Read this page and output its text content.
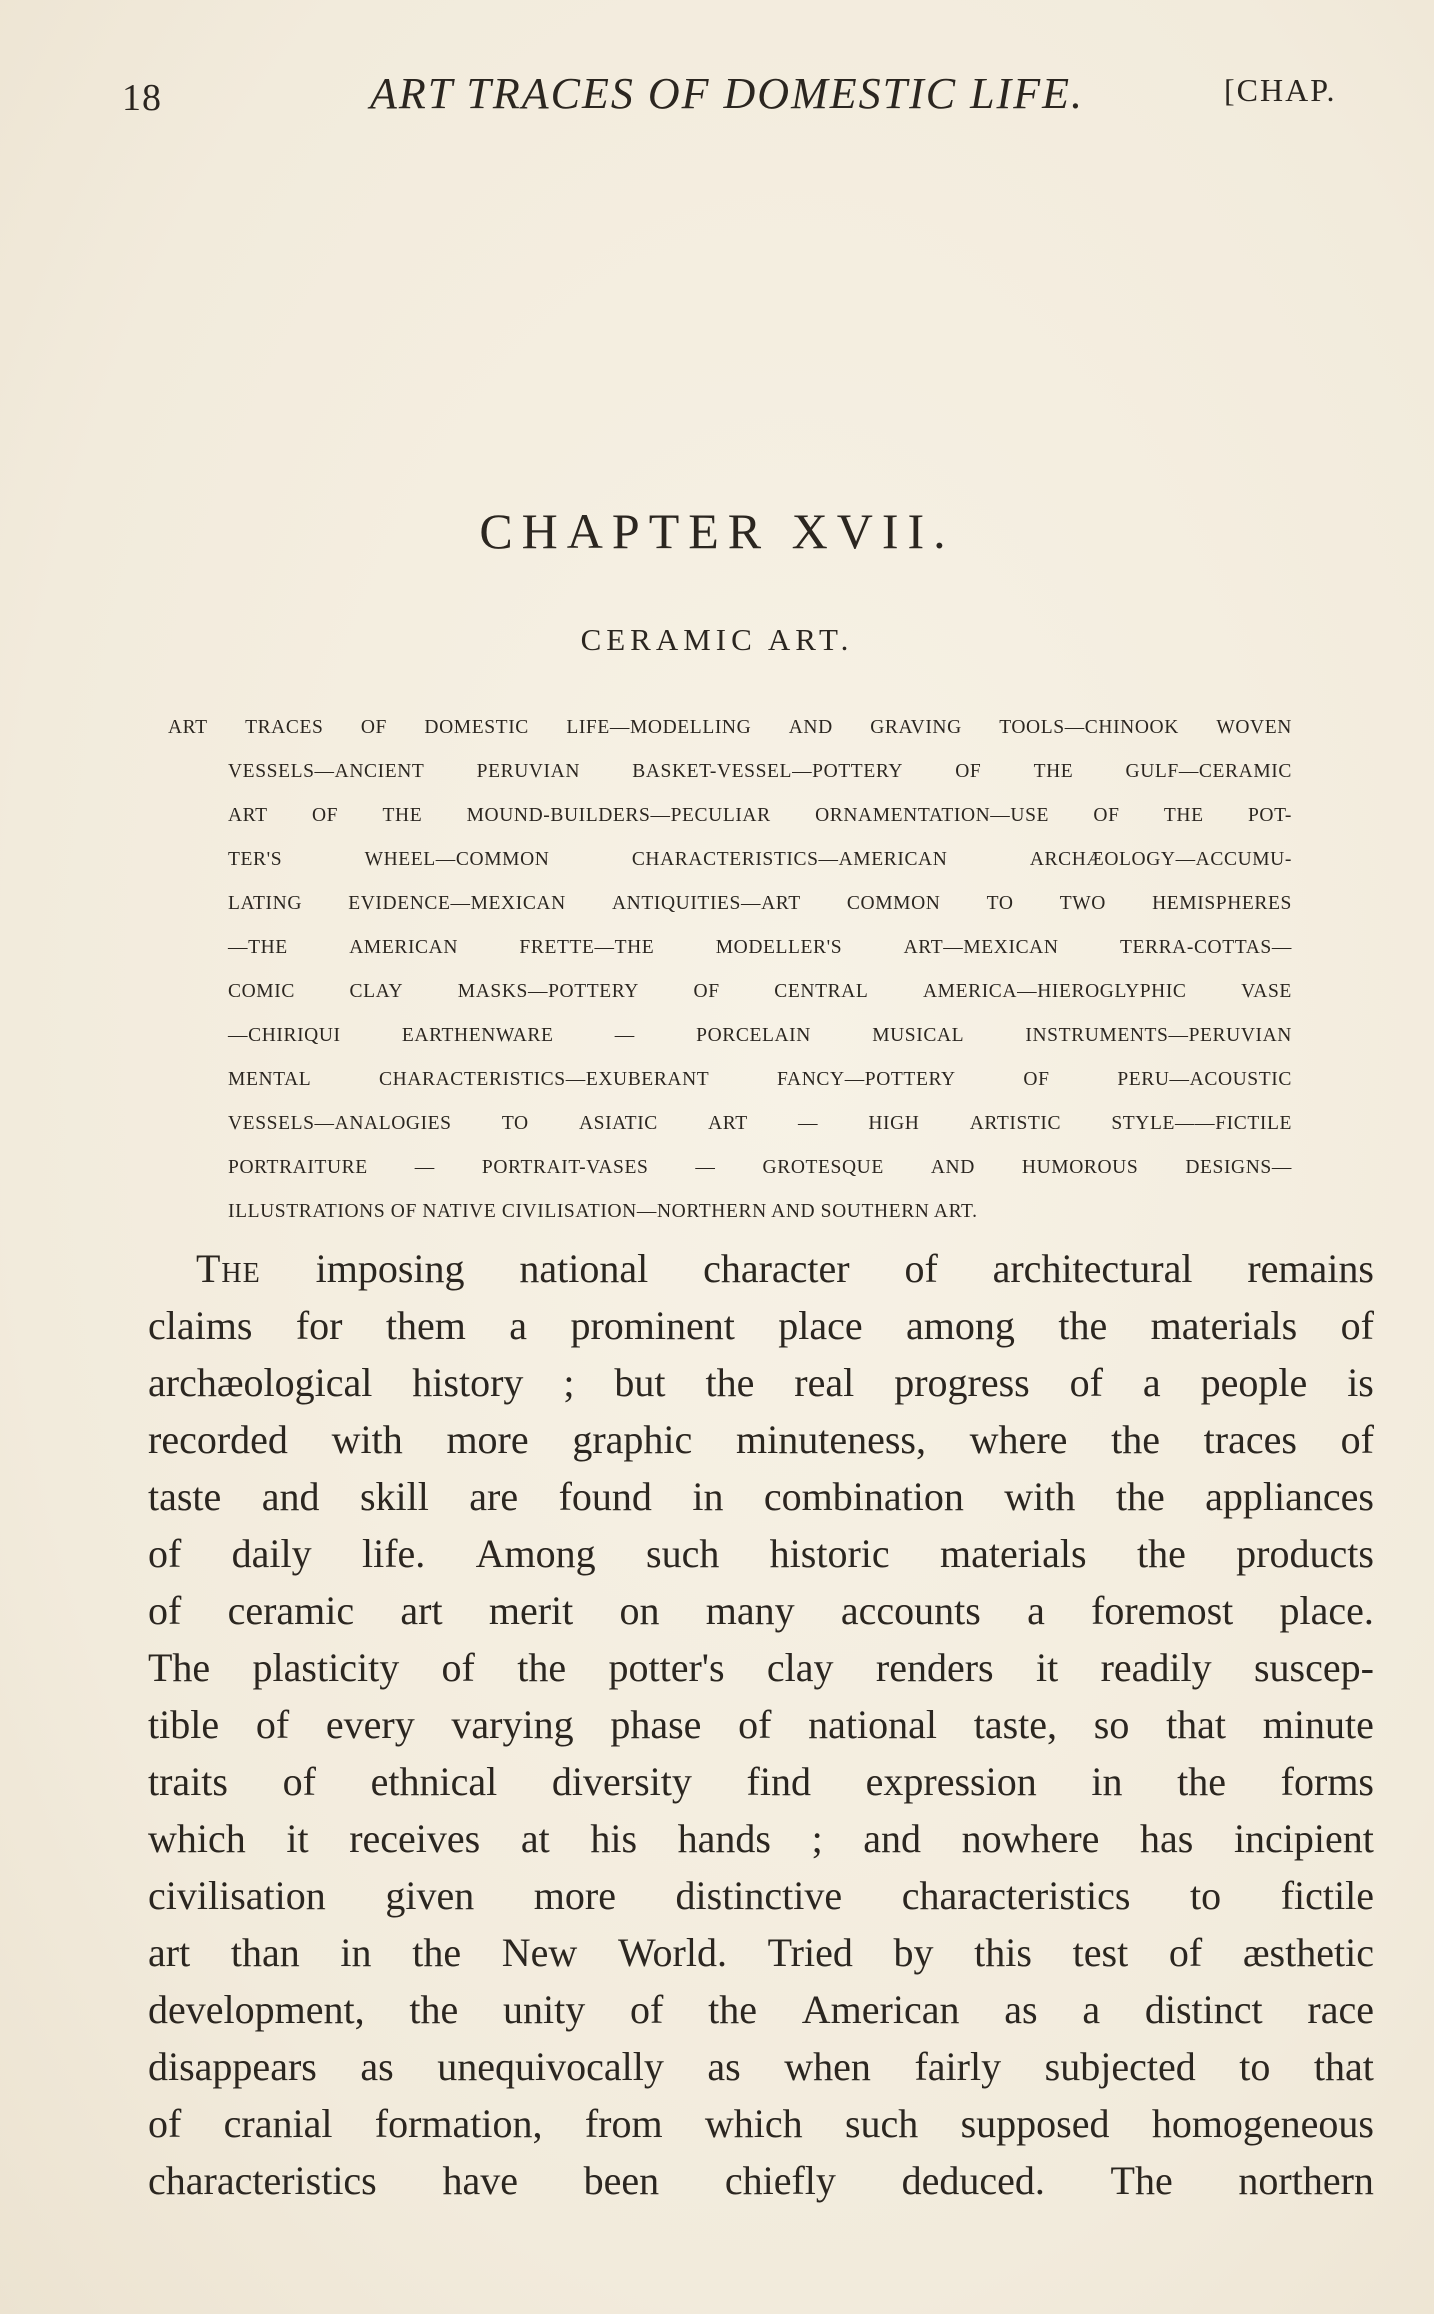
18	ART TRACES OF DOMESTIC LIFE.	[CHAP.
CHAPTER XVII.
CERAMIC ART.
ART TRACES OF DOMESTIC LIFE—MODELLING AND GRAVING TOOLS—CHINOOK WOVEN
VESSELS—ANCIENT	PERUVIAN	BASKET-VESSEL—POTTERY	OF	THE	GULF—CERAMIC
ART OF THE MOUND-BUILDERS—PECULIAR ORNAMENTATION—USE OF THE POT-
TER'S	WHEEL—COMMON	CHARACTERISTICS—AMERICAN	ARCHÆOLOGY—ACCUMU-
LATING EVIDENCE—MEXICAN ANTIQUITIES—ART COMMON TO TWO HEMISPHERES
—THE	AMERICAN	FRETTE—THE	MODELLER'S	ART—MEXICAN	TERRA-COTTAS—
COMIC	CLAY	MASKS—POTTERY	OF	CENTRAL	AMERICA—HIEROGLYPHIC	VASE
—CHIRIQUI	EARTHENWARE	—	PORCELAIN	MUSICAL	INSTRUMENTS—PERUVIAN
MENTAL	CHARACTERISTICS—EXUBERANT	FANCY—POTTERY	OF	PERU—ACOUSTIC
VESSELS—ANALOGIES	TO	ASIATIC	ART	—	HIGH	ARTISTIC	STYLE——FICTILE
PORTRAITURE — PORTRAIT-VASES — GROTESQUE AND HUMOROUS DESIGNS—
ILLUSTRATIONS OF NATIVE CIVILISATION—NORTHERN AND SOUTHERN ART.
The imposing national character of architectural remains
claims for them a prominent place among the materials of
archæological history ; but the real progress of a people is
recorded with more graphic minuteness, where the traces of
taste and skill are found in combination with the appliances
of daily life. Among such historic materials the products
of ceramic art merit on many accounts a foremost place.
The plasticity of the potter's clay renders it readily suscep-
tible of every varying phase of national taste, so that minute
traits of ethnical diversity find expression in the forms
which it receives at his hands ; and nowhere has incipient
civilisation given more distinctive characteristics to fictile
art than in the New World. Tried by this test of æsthetic
development, the unity of the American as a distinct race
disappears as unequivocally as when fairly subjected to that
of cranial formation, from which such supposed homogeneous
characteristics have been chiefly deduced. The northern
